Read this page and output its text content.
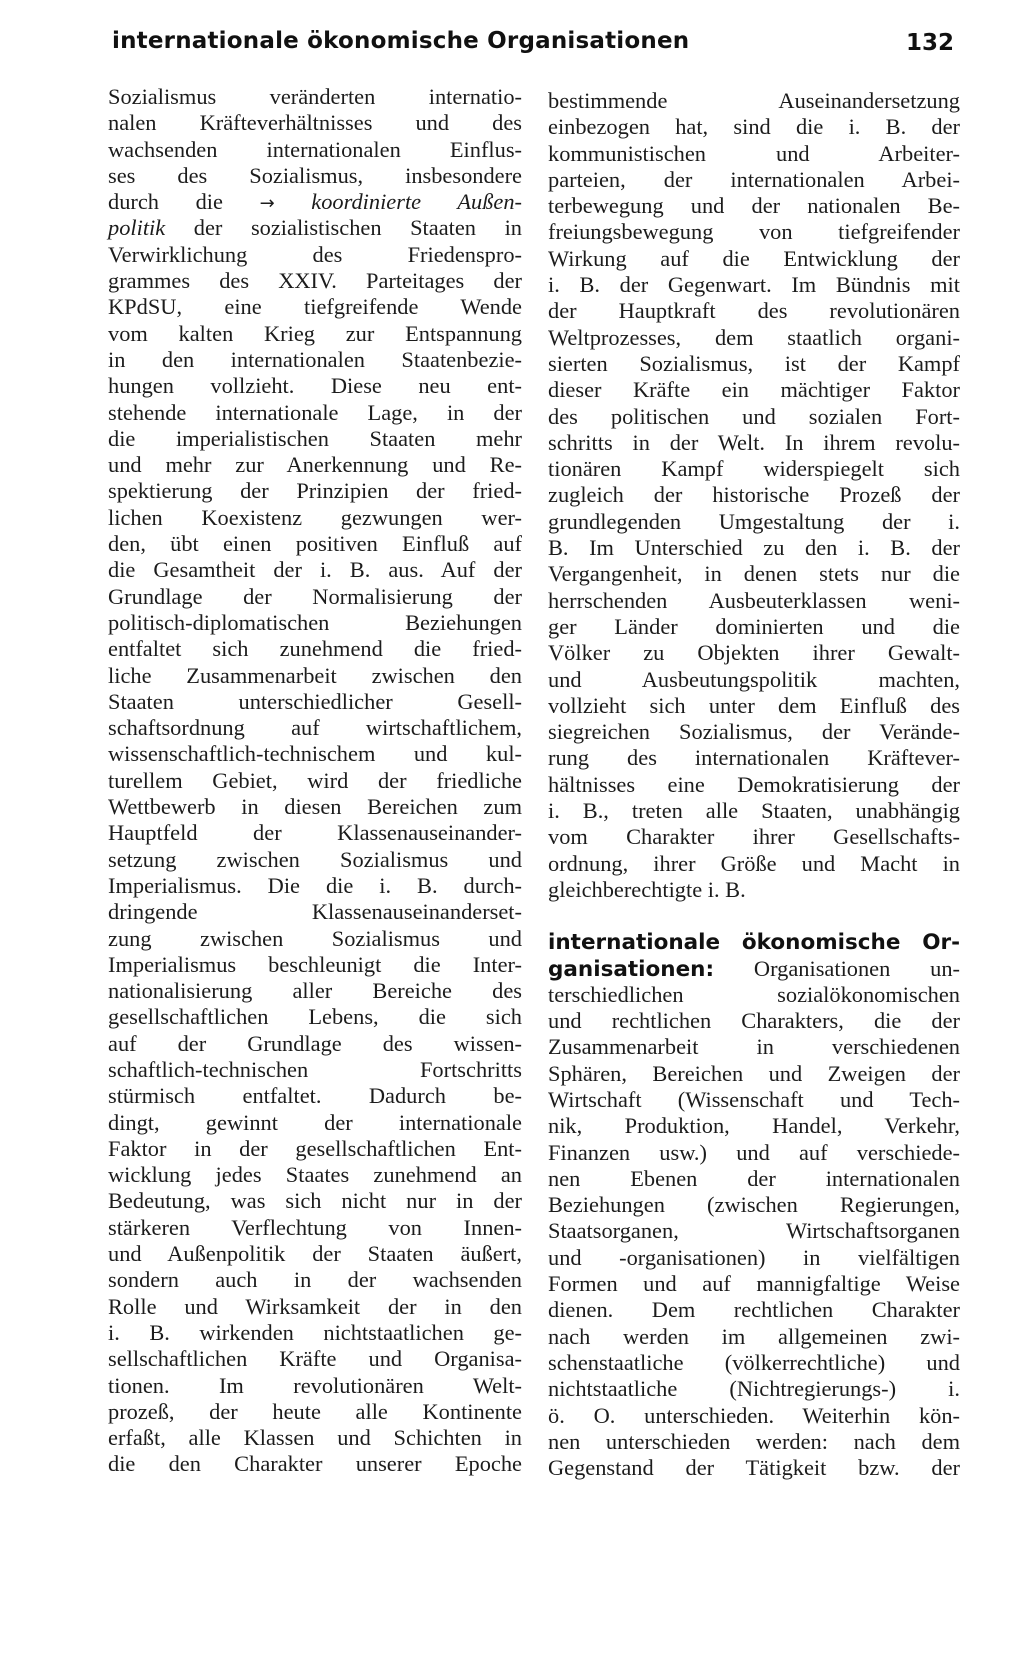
internationale ökonomische Organisationen	132
Sozialismus veränderten internatio-
nalen Kräfteverhältnisses und des
wachsenden internationalen Einflus-
ses des Sozialismus, insbesondere
durch die → koordinierte Außen-
politik der sozialistischen Staaten in
Verwirklichung des Friedenspro-
grammes des XXIV. Parteitages der
KPdSU, eine tiefgreifende Wende
vom kalten Krieg zur Entspannung
in den internationalen Staatenbezie-
hungen vollzieht. Diese neu ent-
stehende internationale Lage, in der
die imperialistischen Staaten mehr
und mehr zur Anerkennung und Re-
spektierung der Prinzipien der fried-
lichen Koexistenz gezwungen wer-
den, übt einen positiven Einfluß auf
die Gesamtheit der i. B. aus. Auf der
Grundlage der Normalisierung der
politisch-diplomatischen Beziehungen
entfaltet sich zunehmend die fried-
liche Zusammenarbeit zwischen den
Staaten unterschiedlicher Gesell-
schaftsordnung auf wirtschaftlichem,
wissenschaftlich-technischem und kul-
turellem Gebiet, wird der friedliche
Wettbewerb in diesen Bereichen zum
Hauptfeld der Klassenauseinander-
setzung zwischen Sozialismus und
Imperialismus. Die die i. B. durch-
dringende Klassenauseinanderset-
zung zwischen Sozialismus und
Imperialismus beschleunigt die Inter-
nationalisierung aller Bereiche des
gesellschaftlichen Lebens, die sich
auf der Grundlage des wissen-
schaftlich-technischen Fortschritts
stürmisch entfaltet. Dadurch be-
dingt, gewinnt der internationale
Faktor in der gesellschaftlichen Ent-
wicklung jedes Staates zunehmend an
Bedeutung, was sich nicht nur in der
stärkeren Verflechtung von Innen-
und Außenpolitik der Staaten äußert,
sondern auch in der wachsenden
Rolle und Wirksamkeit der in den
i. B. wirkenden nichtstaatlichen ge-
sellschaftlichen Kräfte und Organisa-
tionen. Im revolutionären Welt-
prozeß, der heute alle Kontinente
erfaßt, alle Klassen und Schichten in
die den Charakter unserer Epoche
bestimmende Auseinandersetzung
einbezogen hat, sind die i. B. der
kommunistischen und Arbeiter-
parteien, der internationalen Arbei-
terbewegung und der nationalen Be-
freiungsbewegung von tiefgreifender
Wirkung auf die Entwicklung der
i. B. der Gegenwart. Im Bündnis mit
der Hauptkraft des revolutionären
Weltprozesses, dem staatlich organi-
sierten Sozialismus, ist der Kampf
dieser Kräfte ein mächtiger Faktor
des politischen und sozialen Fort-
schritts in der Welt. In ihrem revolu-
tionären Kampf widerspiegelt sich
zugleich der historische Prozeß der
grundlegenden Umgestaltung der i.
B. Im Unterschied zu den i. B. der
Vergangenheit, in denen stets nur die
herrschenden Ausbeuterklassen weni-
ger Länder dominierten und die
Völker zu Objekten ihrer Gewalt-
und Ausbeutungspolitik machten,
vollzieht sich unter dem Einfluß des
siegreichen Sozialismus, der Verände-
rung des internationalen Kräftever-
hältnisses eine Demokratisierung der
i. B., treten alle Staaten, unabhängig
vom Charakter ihrer Gesellschafts-
ordnung, ihrer Größe und Macht in
gleichberechtigte i. B.
internationale ökonomische Or-
ganisationen: Organisationen un-
terschiedlichen sozialökonomischen
und rechtlichen Charakters, die der
Zusammenarbeit in verschiedenen
Sphären, Bereichen und Zweigen der
Wirtschaft (Wissenschaft und Tech-
nik, Produktion, Handel, Verkehr,
Finanzen usw.) und auf verschiede-
nen Ebenen der internationalen
Beziehungen (zwischen Regierungen,
Staatsorganen, Wirtschaftsorganen
und -organisationen) in vielfältigen
Formen und auf mannigfaltige Weise
dienen. Dem rechtlichen Charakter
nach werden im allgemeinen zwi-
schenstaatliche (völkerrechtliche) und
nichtstaatliche (Nichtregierungs-) i.
ö. O. unterschieden. Weiterhin kön-
nen unterschieden werden: nach dem
Gegenstand der Tätigkeit bzw. der
